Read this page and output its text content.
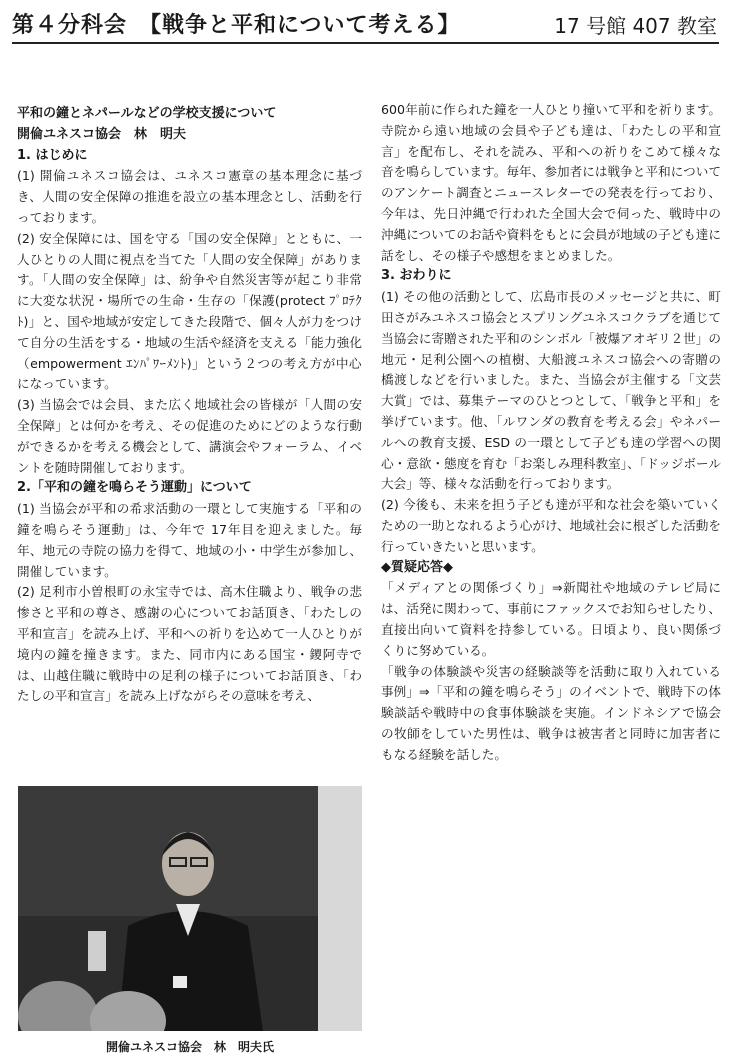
第４分科会　【戦争と平和について考える】	17 号館 407 教室

平和の鐘とネパールなどの学校支援について

開倫ユネスコ協会　林　明夫

1. はじめに

(1) 開倫ユネスコ協会は、ユネスコ憲章の基本理念に基づき、人間の安全保障の推進を設立の基本理念とし、活動を行っております。

(2) 安全保障には、国を守る「国の安全保障」とともに、一人ひとりの人間に視点を当てた「人間の安全保障」があります。「人間の安全保障」は、紛争や自然災害等が起こり非常に大変な状況・場所での生命・生存の「保護(protect ﾌﾟﾛﾃｸﾄ)」と、国や地域が安定してきた段階で、個々人が力をつけて自分の生活をする・地域の生活や経済を支える「能力強化（empowerment ｴﾝﾊﾟﾜｰﾒﾝﾄ)」という２つの考え方が中心になっています。

(3) 当協会では会員、また広く地域社会の皆様が「人間の安全保障」とは何かを考え、その促進のためにどのような行動ができるかを考える機会として、講演会やフォーラム、イベントを随時開催しております。

2.「平和の鐘を鳴らそう運動」について

(1) 当協会が平和の希求活動の一環として実施する「平和の鐘を鳴らそう運動」は、今年で 17年目を迎えました。毎年、地元の寺院の協力を得て、地域の小・中学生が参加し、開催しています。

(2) 足利市小曽根町の永宝寺では、高木住職より、戦争の悲惨さと平和の尊さ、感謝の心についてお話頂き、「わたしの平和宣言」を読み上げ、平和への祈りを込めて一人ひとりが境内の鐘を撞きます。また、同市内にある国宝・鑁阿寺では、山越住職に戦時中の足利の様子についてお話頂き、「わたしの平和宣言」を読み上げながらその意味を考え、

600年前に作られた鐘を一人ひとり撞いて平和を祈ります。寺院から遠い地域の会員や子ども達は、「わたしの平和宣言」を配布し、それを読み、平和への祈りをこめて様々な音を鳴らしています。毎年、参加者には戦争と平和についてのアンケート調査とニュースレターでの発表を行っており、今年は、先日沖縄で行われた全国大会で伺った、戦時中の沖縄についてのお話や資料をもとに会員が地域の子ども達に話をし、その様子や感想をまとめました。

3. おわりに

(1) その他の活動として、広島市長のメッセージと共に、町田さがみユネスコ協会とスプリングユネスコクラブを通じて当協会に寄贈された平和のシンボル「被爆アオギリ２世」の地元・足利公園への植樹、大船渡ユネスコ協会への寄贈の橋渡しなどを行いました。また、当協会が主催する「文芸大賞」では、募集テーマのひとつとして、「戦争と平和」を挙げています。他、「ルワンダの教育を考える会」やネパールへの教育支援、ESD の一環として子ども達の学習への関心・意欲・態度を育む「お楽しみ理科教室」、「ドッジボール大会」等、様々な活動を行っております。

(2) 今後も、未来を担う子ども達が平和な社会を築いていくための一助となれるよう心がけ、地域社会に根ざした活動を行っていきたいと思います。

◆質疑応答◆

「メディアとの関係づくり」⇒新聞社や地域のテレビ局には、活発に関わって、事前にファックスでお知らせしたり、直接出向いて資料を持参している。日頃より、良い関係づくりに努めている。

「戦争の体験談や災害の経験談等を活動に取り入れている事例」⇒「平和の鐘を鳴らそう」のイベントで、戦時下の体験談話や戦時中の食事体験談を実施。インドネシアで協会の牧師をしていた男性は、戦争は被害者と同時に加害者にもなる経験を話した。

開倫ユネスコ協会　林　明夫氏
